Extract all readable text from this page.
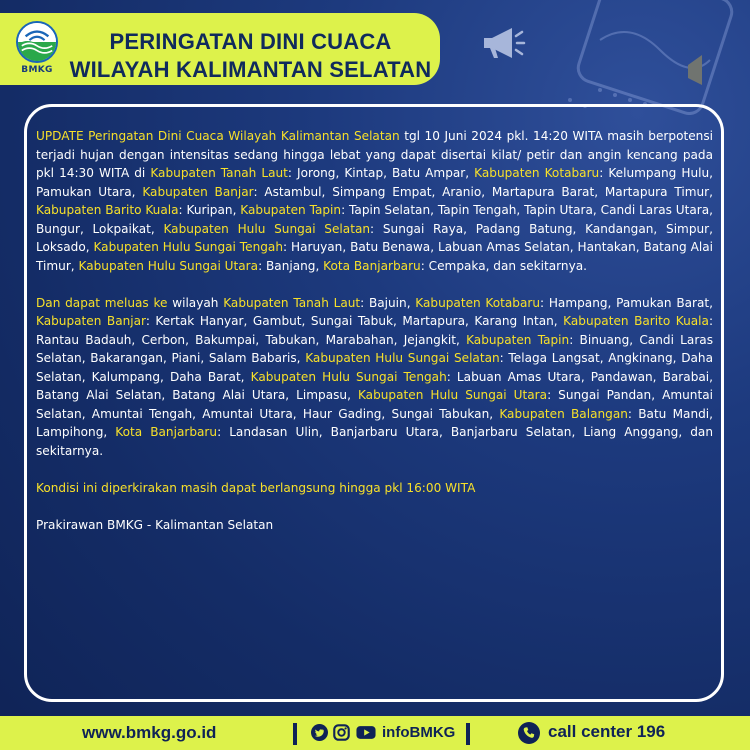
BMKG
PERINGATAN DINI CUACA
WILAYAH KALIMANTAN SELATAN

UPDATE Peringatan Dini Cuaca Wilayah Kalimantan Selatan tgl 10 Juni 2024 pkl. 14:20 WITA masih berpotensi terjadi hujan dengan intensitas sedang hingga lebat yang dapat disertai kilat/ petir dan angin kencang pada pkl 14:30 WITA di Kabupaten Tanah Laut: Jorong, Kintap, Batu Ampar, Kabupaten Kotabaru: Kelumpang Hulu, Pamukan Utara, Kabupaten Banjar: Astambul, Simpang Empat, Aranio, Martapura Barat, Martapura Timur, Kabupaten Barito Kuala: Kuripan, Kabupaten Tapin: Tapin Selatan, Tapin Tengah, Tapin Utara, Candi Laras Utara, Bungur, Lokpaikat, Kabupaten Hulu Sungai Selatan: Sungai Raya, Padang Batung, Kandangan, Simpur, Loksado, Kabupaten Hulu Sungai Tengah: Haruyan, Batu Benawa, Labuan Amas Selatan, Hantakan, Batang Alai Timur, Kabupaten Hulu Sungai Utara: Banjang, Kota Banjarbaru: Cempaka, dan sekitarnya.

Dan dapat meluas ke wilayah Kabupaten Tanah Laut: Bajuin, Kabupaten Kotabaru: Hampang, Pamukan Barat, Kabupaten Banjar: Kertak Hanyar, Gambut, Sungai Tabuk, Martapura, Karang Intan, Kabupaten Barito Kuala: Rantau Badauh, Cerbon, Bakumpai, Tabukan, Marabahan, Jejangkit, Kabupaten Tapin: Binuang, Candi Laras Selatan, Bakarangan, Piani, Salam Babaris, Kabupaten Hulu Sungai Selatan: Telaga Langsat, Angkinang, Daha Selatan, Kalumpang, Daha Barat, Kabupaten Hulu Sungai Tengah: Labuan Amas Utara, Pandawan, Barabai, Batang Alai Selatan, Batang Alai Utara, Limpasu, Kabupaten Hulu Sungai Utara: Sungai Pandan, Amuntai Selatan, Amuntai Tengah, Amuntai Utara, Haur Gading, Sungai Tabukan, Kabupaten Balangan: Batu Mandi, Lampihong, Kota Banjarbaru: Landasan Ulin, Banjarbaru Utara, Banjarbaru Selatan, Liang Anggang, dan sekitarnya.

Kondisi ini diperkirakan masih dapat berlangsung hingga pkl 16:00 WITA

Prakirawan BMKG - Kalimantan Selatan

www.bmkg.go.id	infoBMKG	call center 196
